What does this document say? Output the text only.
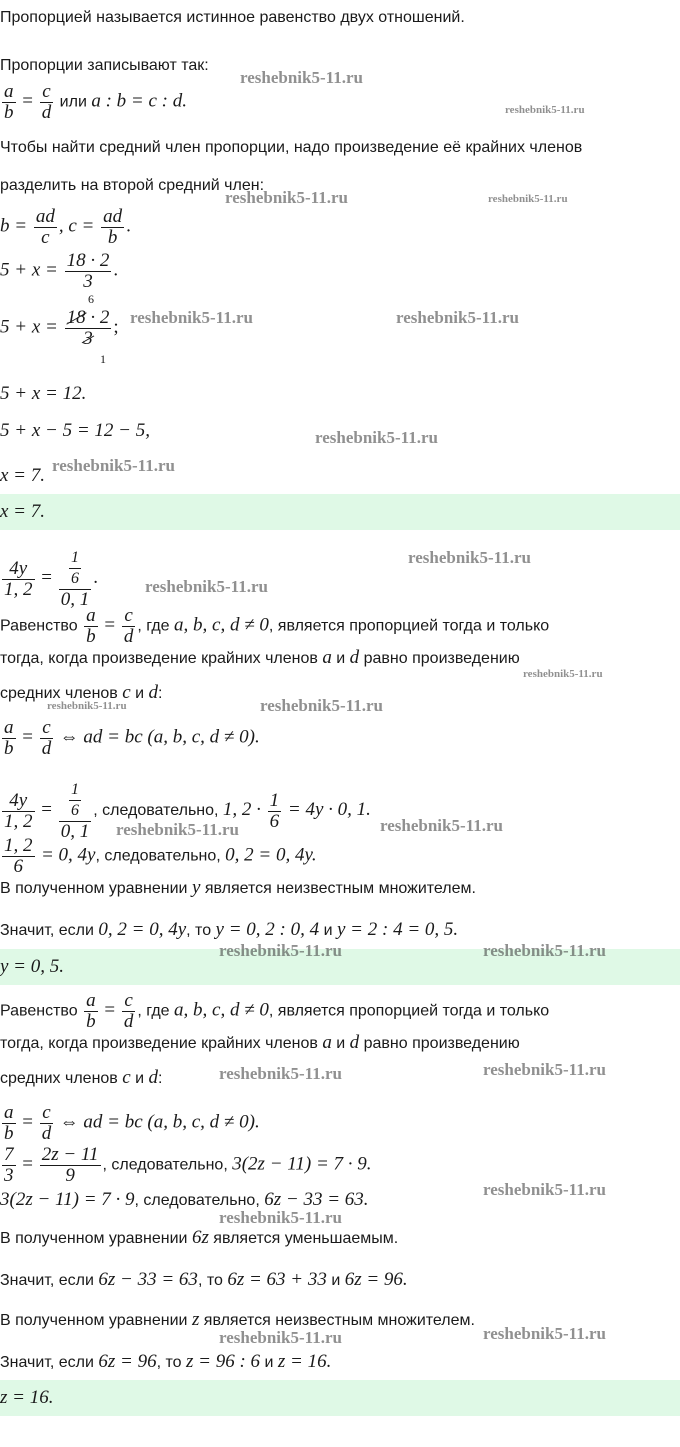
Пропорцией называется истинное равенство двух отношений.
Пропорции записывают так:
$\frac{a}{b} = \frac{c}{d}$ или a : b = c : d.
Чтобы найти средний член пропорции, надо произведение её крайних членов
разделить на второй средний член:
$b = \frac{ad}{c}$ , $c = \frac{ad}{b}$ .
$5 + x = \frac{18 \cdot 2}{3}$ .
6
$5 + x = \frac{18 \cdot 2}{3}$ ;
1
5 + x = 12.
5 + x − 5 = 12 − 5,
x = 7.
x = 7.
$\frac{4y}{1, 2} = \frac{\frac{1}{6}}{0, 1}$ .
Равенство $\frac{a}{b} = \frac{c}{d}$ , где a, b, c, d ≠ 0, является пропорцией тогда и только
тогда, когда произведение крайних членов a и d равно произведению
средних членов c и d:
$\frac{a}{b} = \frac{c}{d}$ ⇔ ad = bc (a, b, c, d ≠ 0).
$\frac{4y}{1, 2} = \frac{\frac{1}{6}}{0, 1}$ , следовательно, 1, $2 \cdot \frac{1}{6} = 4y \cdot 0$, 1.
$\frac{1, 2}{6} = 0$, 4y, следовательно, 0, 2 = 0, 4y.
В полученном уравнении y является неизвестным множителем.
Значит, если 0, 2 = 0, 4y, то y = 0, 2 : 0, 4 и y = 2 : 4 = 0, 5.
y = 0, 5.
Равенство $\frac{a}{b} = \frac{c}{d}$ , где a, b, c, d ≠ 0, является пропорцией тогда и только
тогда, когда произведение крайних членов a и d равно произведению
средних членов c и d:
$\frac{a}{b} = \frac{c}{d}$ ⇔ ad = bc (a, b, c, d ≠ 0).
$\frac{7}{3} = \frac{2z - 11}{9}$ , следовательно, 3(2z − 11) = 7 · 9.
3(2z − 11) = 7 · 9, следовательно, 6z − 33 = 63.
В полученном уравнении 6z является уменьшаемым.
Значит, если 6z − 33 = 63, то 6z = 63 + 33 и 6z = 96.
В полученном уравнении z является неизвестным множителем.
Значит, если 6z = 96, то z = 96 : 6 и z = 16.
z = 16.
reshebnik5-11.ru
reshebnik5-11.ru
reshebnik5-11.ru	reshebnik5-11.ru
reshebnik5-11.ru	reshebnik5-11.ru
reshebnik5-11.ru
reshebnik5-11.ru
reshebnik5-11.ru
reshebnik5-11.ru
reshebnik5-11.ru
reshebnik5-11.ru	reshebnik5-11.ru
reshebnik5-11.ru	reshebnik5-11.ru
reshebnik5-11.ru	reshebnik5-11.ru
reshebnik5-11.ru	reshebnik5-11.ru
reshebnik5-11.ru
reshebnik5-11.ru
reshebnik5-11.ru	reshebnik5-11.ru
